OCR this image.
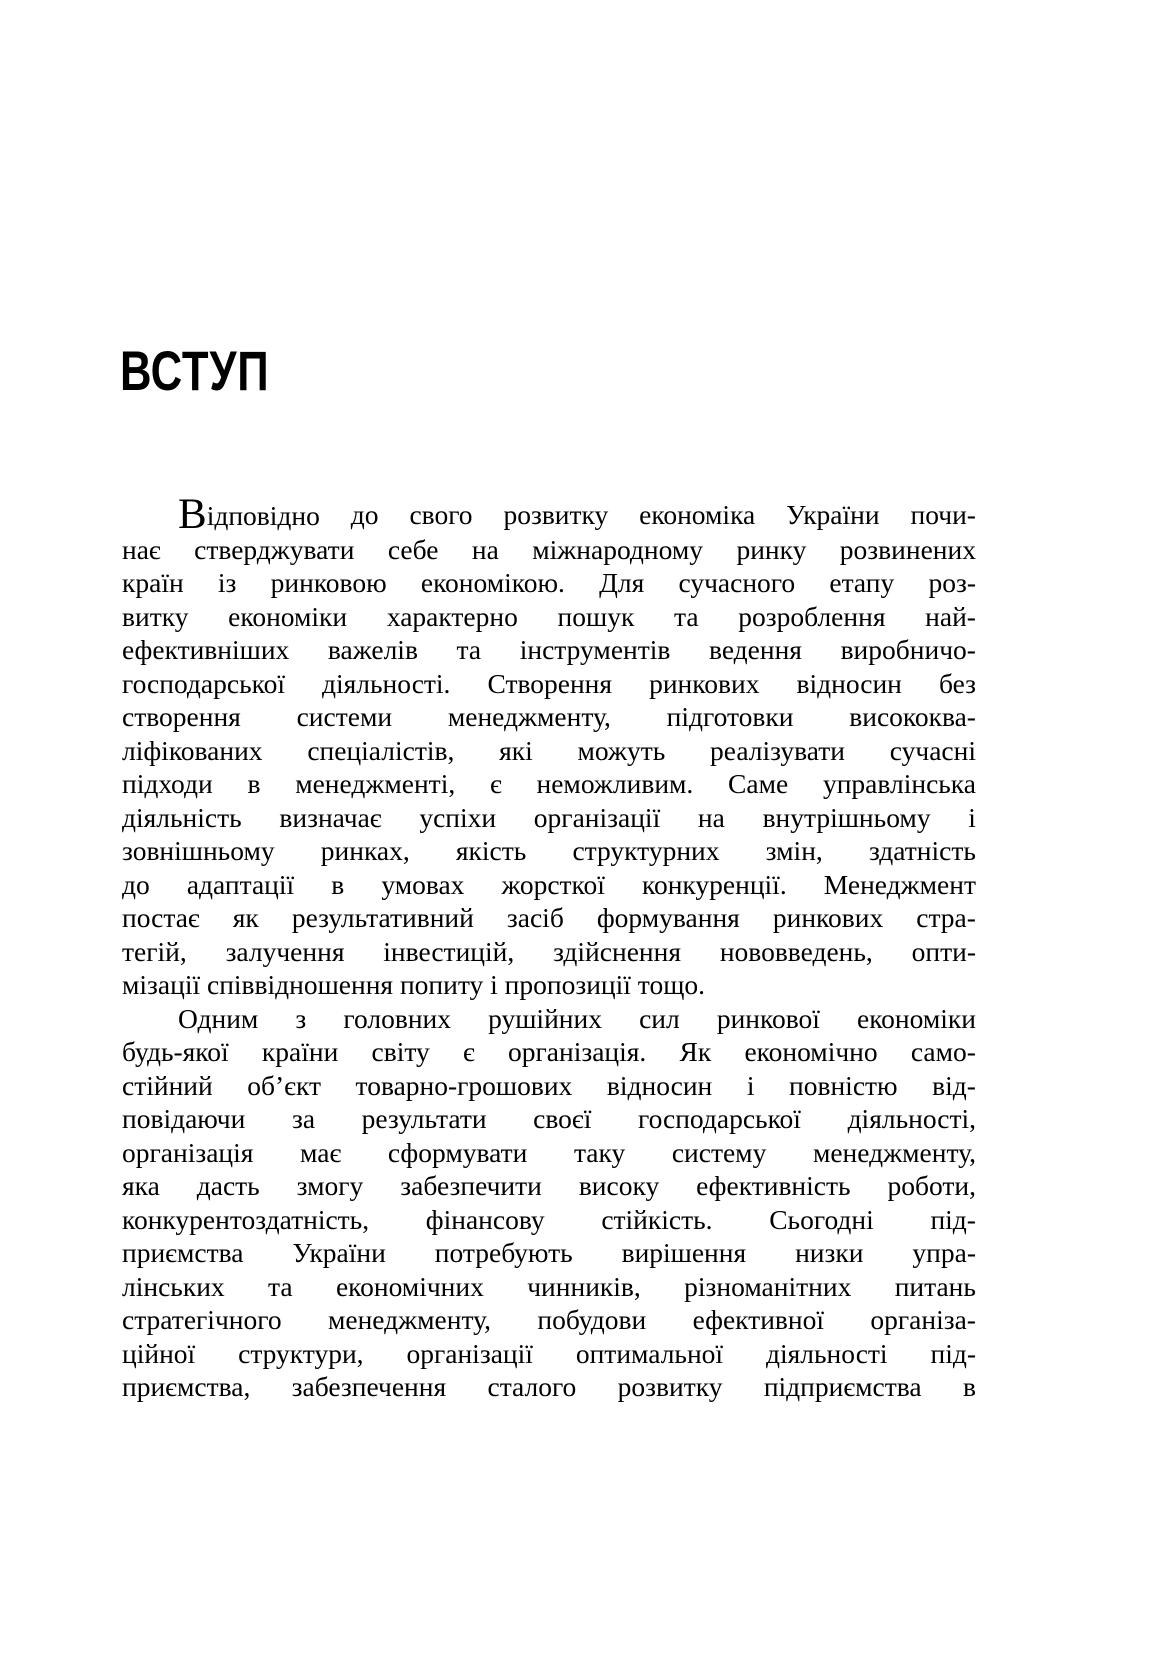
ВСТУП

Відповідно до свого розвитку економіка України почи-
нає стверджувати себе на міжнародному ринку розвинених
країн із ринковою економікою. Для сучасного етапу роз-
витку економіки характерно пошук та розроблення най-
ефективніших важелів та інструментів ведення виробничо-
господарської діяльності. Створення ринкових відносин без
створення системи менеджменту, підготовки висококва-
ліфікованих спеціалістів, які можуть реалізувати сучасні
підходи в менеджменті, є неможливим. Саме управлінська
діяльність визначає успіхи організації на внутрішньому і
зовнішньому ринках, якість структурних змін, здатність
до адаптації в умовах жорсткої конкуренції. Менеджмент
постає як результативний засіб формування ринкових стра-
тегій, залучення інвестицій, здійснення нововведень, опти-
мізації співвідношення попиту і пропозиції тощо.

Одним з головних рушійних сил ринкової економіки
будь-якої країни світу є організація. Як економічно само-
стійний об’єкт товарно-грошових відносин і повністю від-
повідаючи за результати своєї господарської діяльності,
організація має сформувати таку систему менеджменту,
яка дасть змогу забезпечити високу ефективність роботи,
конкурентоздатність, фінансову стійкість. Сьогодні під-
приємства України потребують вирішення низки упра-
лінських та економічних чинників, різноманітних питань
стратегічного менеджменту, побудови ефективної організа-
ційної структури, організації оптимальної діяльності під-
приємства, забезпечення сталого розвитку підприємства в
